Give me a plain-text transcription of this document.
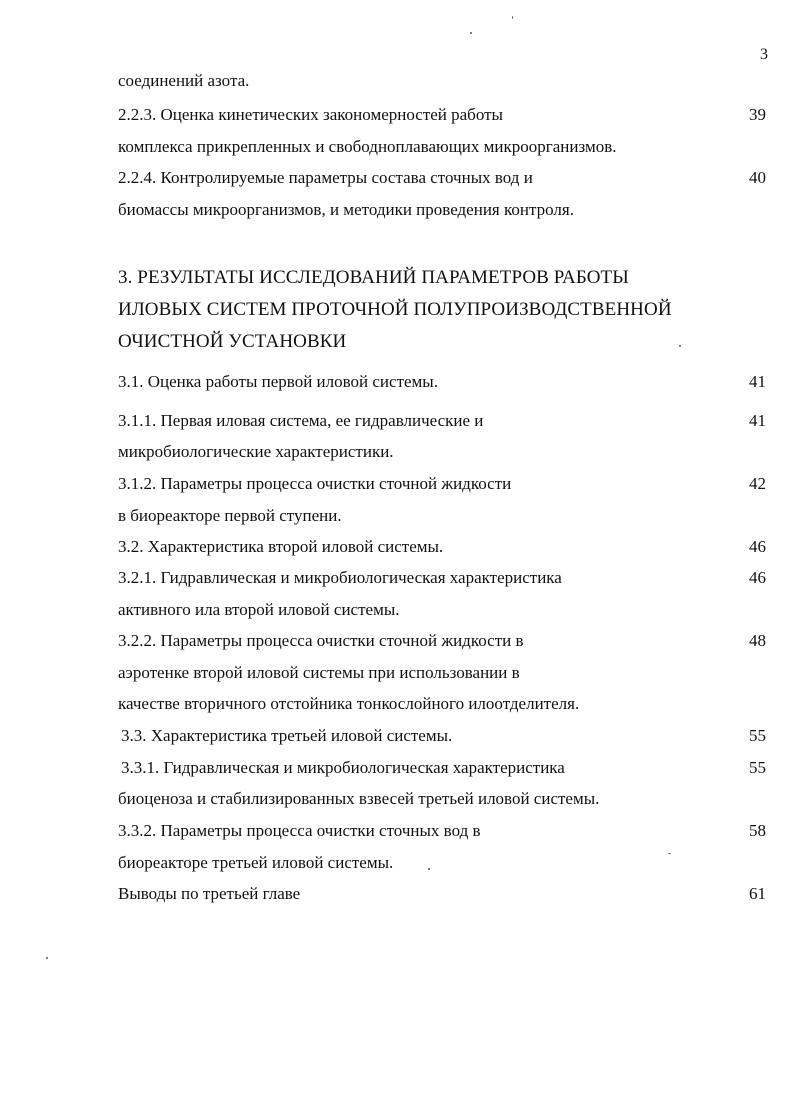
3
соединений азота.
2.2.3. Оценка кинетических закономерностей работы	39
комплекса прикрепленных и свободноплавающих микроорганизмов.
2.2.4. Контролируемые параметры состава сточных вод и	40
биомассы микроорганизмов, и методики проведения контроля.
3. РЕЗУЛЬТАТЫ ИССЛЕДОВАНИЙ ПАРАМЕТРОВ РАБОТЫ
ИЛОВЫХ СИСТЕМ ПРОТОЧНОЙ ПОЛУПРОИЗВОДСТВЕННОЙ
ОЧИСТНОЙ УСТАНОВКИ
3.1. Оценка работы первой иловой системы.	41
3.1.1. Первая иловая система, ее гидравлические и	41
микробиологические характеристики.
3.1.2. Параметры процесса очистки сточной жидкости	42
в биореакторе первой ступени.
3.2. Характеристика второй иловой системы.	46
3.2.1. Гидравлическая и микробиологическая характеристика	46
активного ила второй иловой системы.
3.2.2. Параметры процесса очистки сточной жидкости в	48
аэротенке второй иловой системы при использовании в
качестве вторичного отстойника тонкослойного илоотделителя.
3.3. Характеристика третьей иловой системы.	55
3.3.1. Гидравлическая и микробиологическая характеристика	55
биоценоза и стабилизированных взвесей третьей иловой системы.
3.3.2. Параметры процесса очистки сточных вод в	58
биореакторе третьей иловой системы.
Выводы по третьей главе	61
